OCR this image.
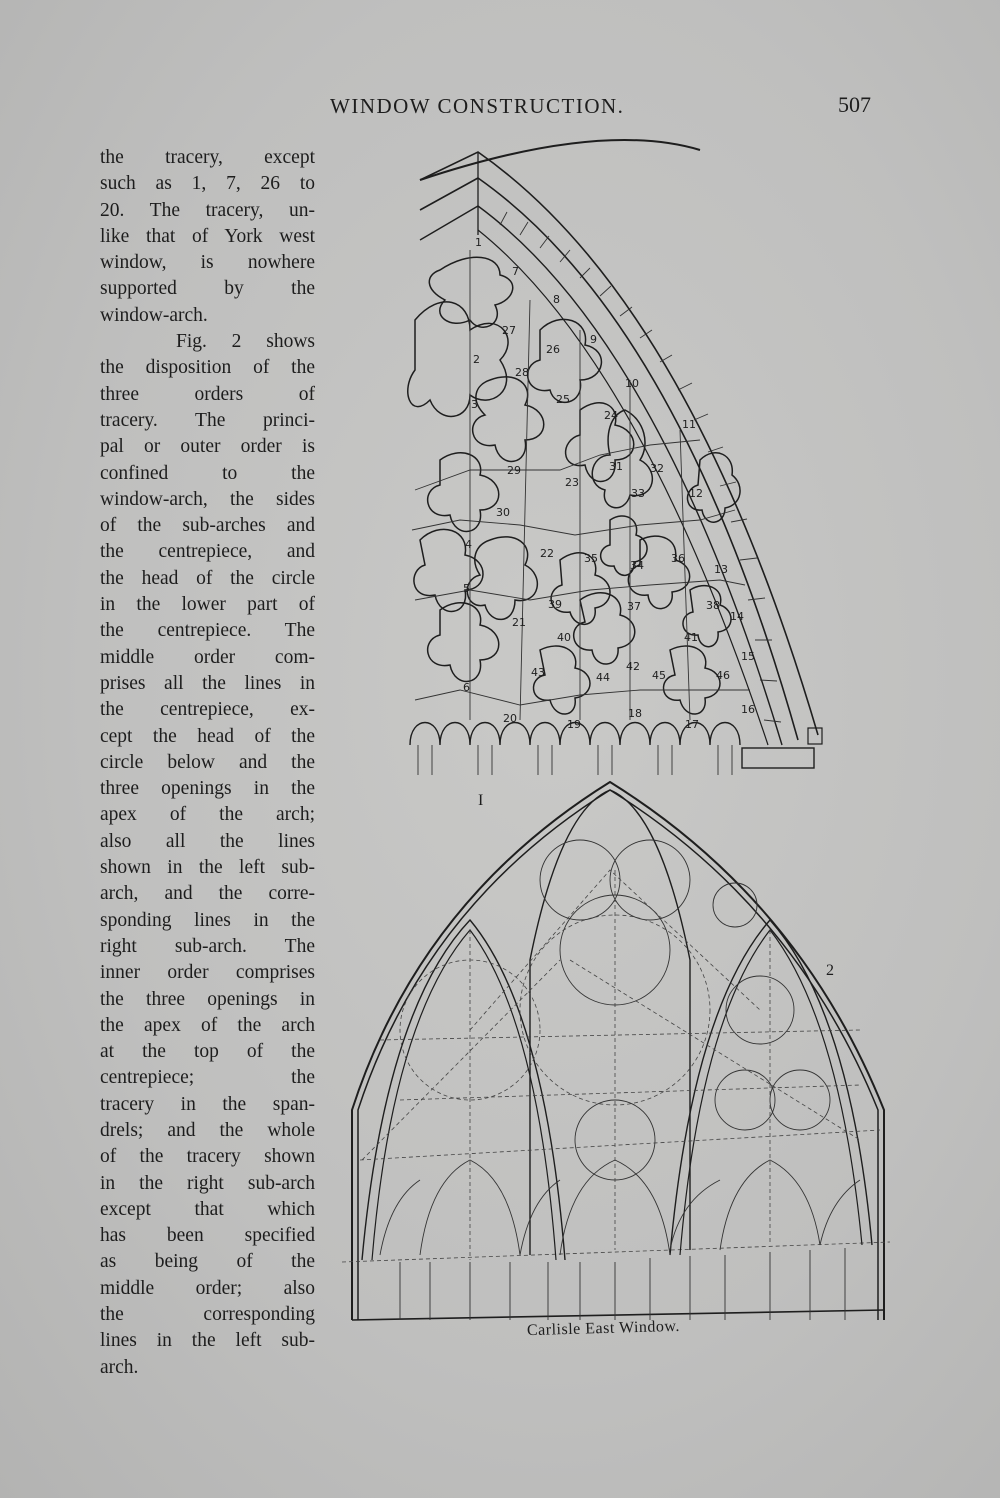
WINDOW CONSTRUCTION.	507

the tracery, except
such as 1, 7, 26 to
20. The tracery, un-
like that of York west
window, is nowhere
supported by the
window-arch.
Fig. 2 shows
the disposition of the
three orders of
tracery. The princi-
pal or outer order is
confined to the
window-arch, the sides
of the sub-arches and
the centrepiece, and
the head of the circle
in the lower part of
the centrepiece. The
middle order com-
prises all the lines in
the centrepiece, ex-
cept the head of the
circle below and the
three openings in the
apex of the arch;
also all the lines
shown in the left sub-
arch, and the corre-
sponding lines in the
right sub-arch. The
inner order comprises
the three openings in
the apex of the arch
at the top of the
centrepiece; the
tracery in the span-
drels; and the whole
of the tracery shown
in the right sub-arch
except that which
has been specified
as being of the
middle order; also
the corresponding
lines in the left sub-
arch.

1
7
8
27
26
9
2
28
10
3	25
24
11
29	31 32
23
33	12
30
4
22	35
34
36
13
5
39	37	38
14
21
40	41
15
42
43	44	45	46
6
18	16
20	19	17
I
2
Carlisle East Window.
